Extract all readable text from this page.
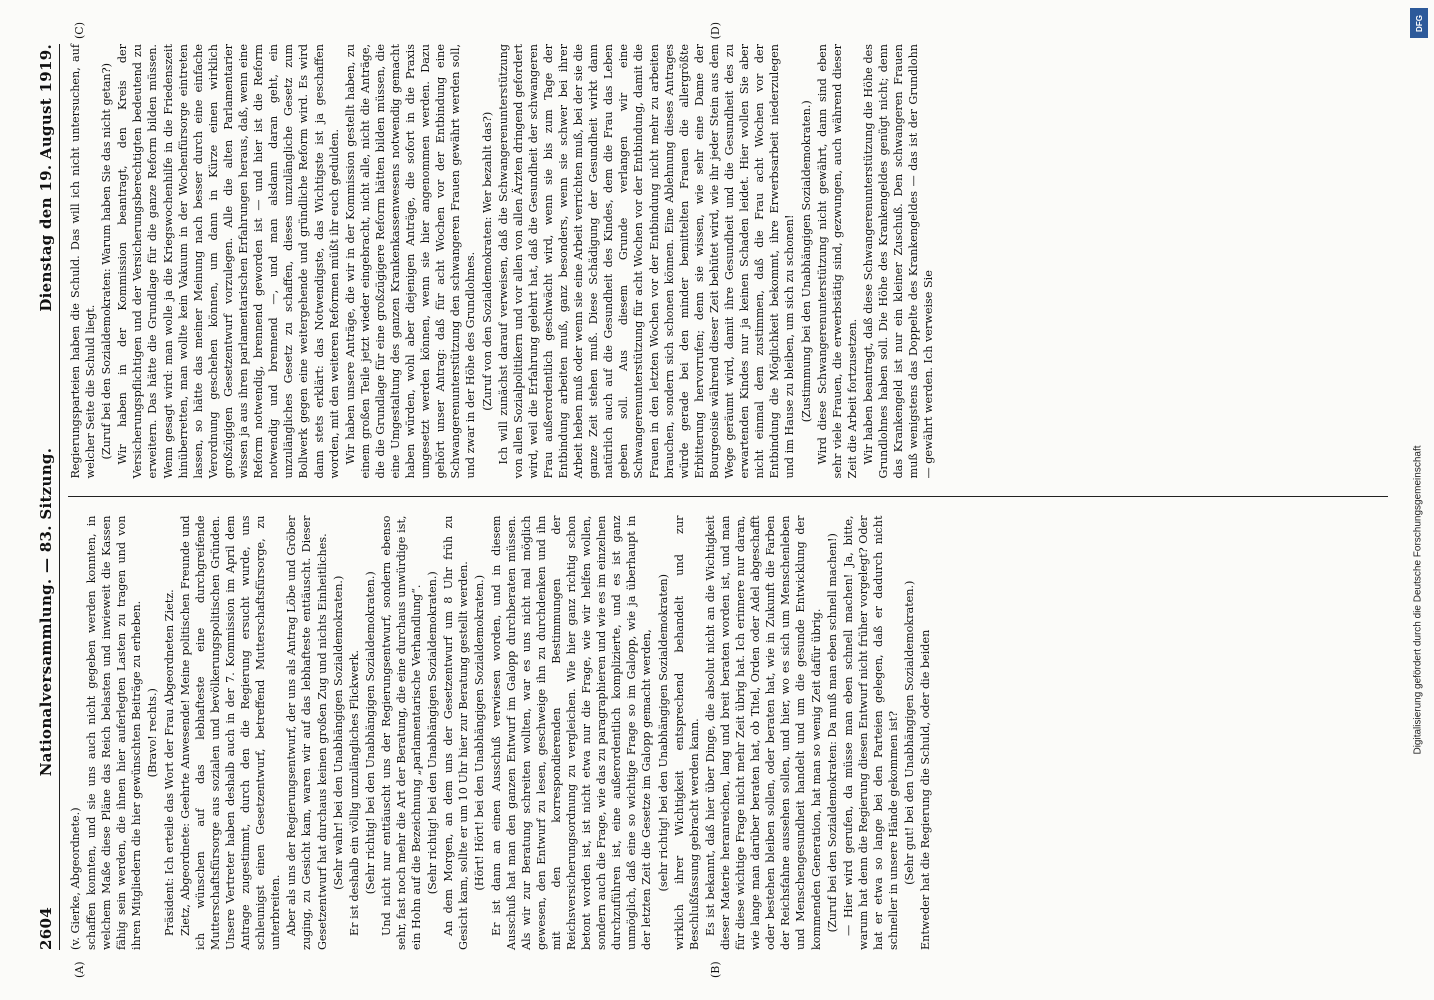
2604
Nationalversammlung. — 83. Sitzung.
Dienstag den 19. August 1919.
(A)	(B)

(v. Gierke, Abgeordnete.) schaffen konnten, und sie uns auch nicht gegeben werden konnten, in welchem Maße diese Pläne das Reich belasten und inwieweit die Kassen fähig sein werden, die ihnen hier auferlegten Lasten zu tragen und von ihren Mitgliedern die hier gewünschten Beiträge zu erheben. (Bravo! rechts.) Präsident: Ich erteile das Wort der Frau Abgeordneten Zietz. Zietz, Abgeordnete: Geehrte Anwesende! Meine politischen Freunde und ich wünschen auf das lebhafteste eine durchgreifende Mutterschaftsfürsorge aus sozialen und bevölkerungspolitischen Gründen. Unsere Vertreter haben deshalb auch in der 7. Kommission im April dem Antrage zugestimmt, durch den die Regierung ersucht wurde, uns schleunigst einen Gesetzentwurf, betreffend Mutterschaftsfürsorge, zu unterbreiten. Aber als uns der Regierungsentwurf, der uns als Antrag Löbe und Gröber zuging, zu Gesicht kam, waren wir auf das lebhafteste enttäuscht. Dieser Gesetzentwurf hat durchaus keinen großen Zug und nichts Einheitliches. (Sehr wahr! bei den Unabhängigen Sozialdemokraten.) Er ist deshalb ein völlig unzulängliches Flickwerk. (Sehr richtig! bei den Unabhängigen Sozialdemokraten.) Und nicht nur enttäuscht uns der Regierungsentwurf, sondern ebenso sehr, fast noch mehr die Art der Beratung, die eine durchaus unwürdige ist, ein Hohn auf die Bezeichnung „parlamentarische Verhandlung“. (Sehr richtig! bei den Unabhängigen Sozialdemokraten.) An dem Morgen, an dem uns der Gesetzentwurf um 8 Uhr früh zu Gesicht kam, sollte er um 10 Uhr hier zur Beratung gestellt werden. (Hört! Hört! bei den Unabhängigen Sozialdemokraten.) Er ist dann an einen Ausschuß verwiesen worden, und in diesem Ausschuß hat man den ganzen Entwurf im Galopp durchberaten müssen. Als wir zur Beratung schreiten wollten, war es uns nicht mal möglich gewesen, den Entwurf zu lesen, geschweige ihn zu durchdenken und ihn mit den korrespondierenden Bestimmungen der Reichsversicherungsordnung zu vergleichen. Wie hier ganz richtig schon betont worden ist, ist nicht etwa nur die Frage, wie wir helfen wollen, sondern auch die Frage, wie das zu paragraphieren und wie es im einzelnen durchzuführen ist, eine außerordentlich komplizierte, und es ist ganz unmöglich, daß eine so wichtige Frage so im Galopp, wie ja überhaupt in der letzten Zeit die Gesetze im Galopp gemacht werden, (sehr richtig! bei den Unabhängigen Sozialdemokraten) wirklich ihrer Wichtigkeit entsprechend behandelt und zur Beschlußfassung gebracht werden kann. Es ist bekannt, daß hier über Dinge, die absolut nicht an die Wichtigkeit dieser Materie heranreichen, lang und breit beraten worden ist, und man für diese wichtige Frage nicht mehr Zeit übrig hat. Ich erinnere nur daran, wie lange man darüber beraten hat, ob Titel, Orden oder Adel abgeschafft oder bestehen bleiben sollen, oder beraten hat, wie in Zukunft die Farben der Reichsfahne aussehen sollen, und hier, wo es sich um Menschenleben und Menschengesundheit handelt und um die gesunde Entwicklung der kommenden Generation, hat man so wenig Zeit dafür übrig. (Zuruf bei den Sozialdemokraten: Da muß man eben schnell machen!) — Hier wird gerufen, da müsse man eben schnell machen! Ja, bitte, warum hat denn die Regierung diesen Entwurf nicht früher vorgelegt? Oder hat er etwa so lange bei den Parteien gelegen, daß er dadurch nicht schneller in unsere Hände gekommen ist? (Sehr gut! bei den Unabhängigen Sozialdemokraten.) Entweder hat die Regierung die Schuld, oder die beiden

(C)	(D)

Regierungsparteien haben die Schuld. Das will ich nicht untersuchen, auf welcher Seite die Schuld liegt. (Zuruf bei den Sozialdemokraten: Warum haben Sie das nicht getan?) Wir haben in der Kommission beantragt, den Kreis der Versicherungspflichtigen und der Versicherungsberechtigten bedeutend zu erweitern. Das hätte die Grundlage für die ganze Reform bilden müssen. Wenn gesagt wird: man wolle ja die Kriegswochenhilfe in die Friedenszeit hinüberretten, man wollte kein Vakuum in der Wochenfürsorge eintreten lassen, so hätte das meiner Meinung nach besser durch eine einfache Verordnung geschehen können, um dann in Kürze einen wirklich großzügigen Gesetzentwurf vorzulegen. Alle die alten Parlamentarier wissen ja aus ihren parlamentarischen Erfahrungen heraus, daß, wenn eine Reform notwendig, brennend geworden ist — und hier ist die Reform notwendig und brennend —, und man alsdann daran geht, ein unzulängliches Gesetz zu schaffen, dieses unzulängliche Gesetz zum Bollwerk gegen eine weitergehende und gründliche Reform wird. Es wird dann stets erklärt: das Notwendigste, das Wichtigste ist ja geschaffen worden, mit den weiteren Reformen müßt ihr euch gedulden. Wir haben unsere Anträge, die wir in der Kommission gestellt haben, zu einem großen Teile jetzt wieder eingebracht, nicht alle, nicht die Anträge, die die Grundlage für eine großzügigere Reform hätten bilden müssen, die eine Umgestaltung des ganzen Krankenkassenwesens notwendig gemacht haben würden, wohl aber diejenigen Anträge, die sofort in die Praxis umgesetzt werden können, wenn sie hier angenommen werden. Dazu gehört unser Antrag: daß für acht Wochen vor der Entbindung eine Schwangerenunterstützung den schwangeren Frauen gewährt werden soll, und zwar in der Höhe des Grundlohnes. (Zuruf von den Sozialdemokraten: Wer bezahlt das?) Ich will zunächst darauf verweisen, daß die Schwangerenunterstützung von allen Sozialpolitikern und vor allen von allen Ärzten dringend gefordert wird, weil die Erfahrung gelehrt hat, daß die Gesundheit der schwangeren Frau außerordentlich geschwächt wird, wenn sie bis zum Tage der Entbindung arbeiten muß, ganz besonders, wenn sie schwer bei ihrer Arbeit heben muß oder wenn sie eine Arbeit verrichten muß, bei der sie die ganze Zeit stehen muß. Diese Schädigung der Gesundheit wirkt dann natürlich auch auf die Gesundheit des Kindes, dem die Frau das Leben geben soll. Aus diesem Grunde verlangen wir eine Schwangerenunterstützung für acht Wochen vor der Entbindung, damit die Frauen in den letzten Wochen vor der Entbindung nicht mehr zu arbeiten brauchen, sondern sich schonen können. Eine Ablehnung dieses Antrages würde gerade bei den minder bemittelten Frauen die allergrößte Erbitterung hervorrufen; denn sie wissen, wie sehr eine Dame der Bourgeoisie während dieser Zeit behütet wird, wie ihr jeder Stein aus dem Wege geräumt wird, damit ihre Gesundheit und die Gesundheit des zu erwartenden Kindes nur ja keinen Schaden leidet. Hier wollen Sie aber nicht einmal dem zustimmen, daß die Frau acht Wochen vor der Entbindung die Möglichkeit bekommt, ihre Erwerbsarbeit niederzulegen und im Hause zu bleiben, um sich zu schonen! (Zustimmung bei den Unabhängigen Sozialdemokraten.) Wird diese Schwangerenunterstützung nicht gewährt, dann sind eben sehr viele Frauen, die erwerbstätig sind, gezwungen, auch während dieser Zeit die Arbeit fortzusetzen. Wir haben beantragt, daß diese Schwangerenunterstützung die Höhe des Grundlohnes haben soll. Die Höhe des Krankengeldes genügt nicht; denn das Krankengeld ist nur ein kleiner Zuschuß. Den schwangeren Frauen muß wenigstens das Doppelte des Krankengeldes — das ist der Grundlohn — gewährt werden. Ich verweise Sie

DFG
Digitalisierung gefördert durch die Deutsche Forschungsgemeinschaft
